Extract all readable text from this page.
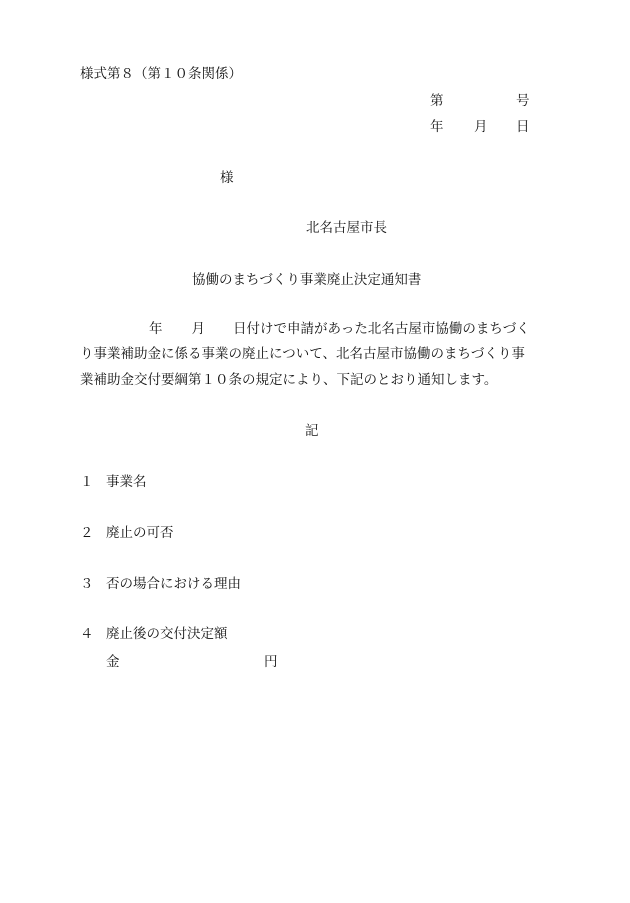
様式第８（第１０条関係）
第	号
年 月 日
様
北名古屋市長
協働のまちづくり事業廃止決定通知書
年 月 日付けで申請があった北名古屋市協働のまちづく
り事業補助金に係る事業の廃止について、北名古屋市協働のまちづくり事
業補助金交付要綱第１０条の規定により、下記のとおり通知します。
記
１ 事業名
２ 廃止の可否
３ 否の場合における理由
４ 廃止後の交付決定額
金	円
